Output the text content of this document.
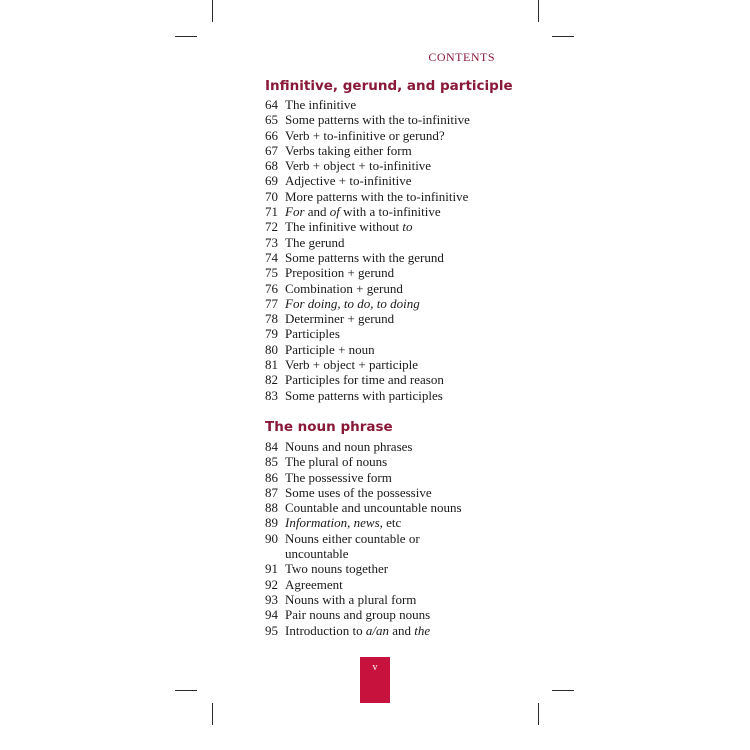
CONTENTS
Infinitive, gerund, and participle
64 The infinitive
65 Some patterns with the to-infinitive
66 Verb + to-infinitive or gerund?
67 Verbs taking either form
68 Verb + object + to-infinitive
69 Adjective + to-infinitive
70 More patterns with the to-infinitive
71 For and of with a to-infinitive
72 The infinitive without to
73 The gerund
74 Some patterns with the gerund
75 Preposition + gerund
76 Combination + gerund
77 For doing, to do, to doing
78 Determiner + gerund
79 Participles
80 Participle + noun
81 Verb + object + participle
82 Participles for time and reason
83 Some patterns with participles
The noun phrase
84 Nouns and noun phrases
85 The plural of nouns
86 The possessive form
87 Some uses of the possessive
88 Countable and uncountable nouns
89 Information, news, etc
90 Nouns either countable or
uncountable
91 Two nouns together
92 Agreement
93 Nouns with a plural form
94 Pair nouns and group nouns
95 Introduction to a/an and the
v
